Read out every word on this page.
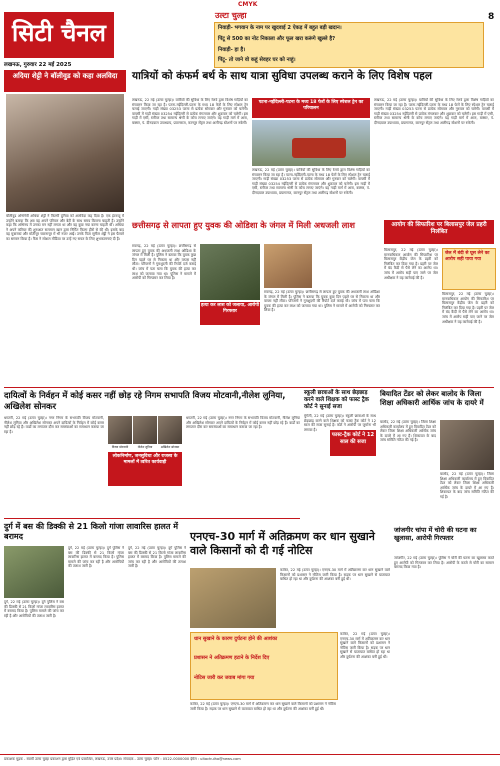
CMYK
8
सिटी चैनल
लखनऊ, गुरुवार 22 मई 2025
उल्टा चुल्हा
निवाड़ी- भगवान के नाम पर खुदवाई 2 ऐकड़ में बहुत बड़ी खदान।
पिंटू से 500 का नोट निकाला और फूल खरा करूंगे खुल्ले है?
निवाड़ी- हा है।
पिंटू- तो जाने वो कहूं सेवहर घर को नाहुं।
अदिया शेट्टी ने बॉलीवुड को कहा अलविदा
बॉलीवुड अभिनेत्री अथिया शेट्टी ने फिल्मी दुनिया को अलविदा कह दिया है। एक इंटरव्यू में उन्होंने बताया कि अब वह अपने परिवार और बेटी के साथ समय बिताना चाहती हैं। उन्होंने कहा कि अभिनय में उनका मन नहीं लगता था और वह कुछ नया करना चाहती थीं। अथिया ने अपने करियर की शुरुआत सलमान खान द्वारा निर्मित फिल्म हीरो से की थी। इसके बाद वह मुबारकां और मोतीचूर चकनाचूर में भी नजर आईं। उनके पिता सुनील शेट्टी ने इस फैसले का सम्मान किया है। फैंस ने सोशल मीडिया पर उन्हें नए सफर के लिए शुभकामनाएं दी हैं।
यात्रियों को कंफर्म बर्थ के साथ यात्रा सुविधा उपलब्ध कराने के लिए विशेष पहल
लखनऊ, 22 मई (उल्टा चुल्हा)। यात्रियों की सुविधा के लिए रेलवे द्वारा विशेष गाड़ियों का संचालन किया जा रहा है। पटना-नईदिल्ली-पटना के मध्य 18 फेरों के लिए स्पेशल ट्रेन चलाई जाएगी। गाड़ी संख्या 03253 पटना से प्रत्येक सोमवार और गुरुवार को चलेगी। वापसी में गाड़ी संख्या 03254 नईदिल्ली से प्रत्येक मंगलवार और शुक्रवार को चलेगी। इस गाड़ी में एसी, स्लीपर तथा सामान्य श्रेणी के कोच लगाए जाएंगे। यह गाड़ी मार्ग में आरा, बक्सर, पं. दीनदयाल उपाध्याय, प्रयागराज, कानपुर सेंट्रल तथा अलीगढ़ स्टेशनों पर रुकेगी।
पटना-नईदिल्ली-पटना के मध्य 18 फेरों के लिए स्पेशल ट्रेन का परिचालन
लखनऊ, 22 मई (उल्टा चुल्हा)। यात्रियों की सुविधा के लिए रेलवे द्वारा विशेष गाड़ियों का संचालन किया जा रहा है। पटना-नईदिल्ली-पटना के मध्य 18 फेरों के लिए स्पेशल ट्रेन चलाई जाएगी। गाड़ी संख्या 03253 पटना से प्रत्येक सोमवार और गुरुवार को चलेगी। वापसी में गाड़ी संख्या 03254 नईदिल्ली से प्रत्येक मंगलवार और शुक्रवार को चलेगी। इस गाड़ी में एसी, स्लीपर तथा सामान्य श्रेणी के कोच लगाए जाएंगे। यह गाड़ी मार्ग में आरा, बक्सर, पं. दीनदयाल उपाध्याय, प्रयागराज, कानपुर सेंट्रल तथा अलीगढ़ स्टेशनों पर रुकेगी।
लखनऊ, 22 मई (उल्टा चुल्हा)। यात्रियों की सुविधा के लिए रेलवे द्वारा विशेष गाड़ियों का संचालन किया जा रहा है। पटना-नईदिल्ली-पटना के मध्य 18 फेरों के लिए स्पेशल ट्रेन चलाई जाएगी। गाड़ी संख्या 03253 पटना से प्रत्येक सोमवार और गुरुवार को चलेगी। वापसी में गाड़ी संख्या 03254 नईदिल्ली से प्रत्येक मंगलवार और शुक्रवार को चलेगी। इस गाड़ी में एसी, स्लीपर तथा सामान्य श्रेणी के कोच लगाए जाएंगे। यह गाड़ी मार्ग में आरा, बक्सर, पं. दीनदयाल उपाध्याय, प्रयागराज, कानपुर सेंट्रल तथा अलीगढ़ स्टेशनों पर रुकेगी।
छत्तीसगढ़ से लापता हुए युवक की ओडिशा के जंगल में मिली अधजली लाश
रायगढ़, 22 मई (उल्टा चुल्हा)। छत्तीसगढ़ से लापता हुए युवक की अधजली लाश ओडिशा के जंगल में मिली है। पुलिस ने बताया कि युवक कुछ दिन पहले घर से निकला था और वापस नहीं लौटा। परिजनों ने गुमशुदगी की रिपोर्ट दर्ज कराई थी। जांच में पता चला कि युवक की हत्या कर लाश को जलाया गया था। पुलिस ने मामले में आरोपी को गिरफ्तार कर लिया है।
हत्या कर लाश को जलाया, आरोपी गिरफ्तार
रायगढ़, 22 मई (उल्टा चुल्हा)। छत्तीसगढ़ से लापता हुए युवक की अधजली लाश ओडिशा के जंगल में मिली है। पुलिस ने बताया कि युवक कुछ दिन पहले घर से निकला था और वापस नहीं लौटा। परिजनों ने गुमशुदगी की रिपोर्ट दर्ज कराई थी। जांच में पता चला कि युवक की हत्या कर लाश को जलाया गया था। पुलिस ने मामले में आरोपी को गिरफ्तार कर लिया है।
आयोग की सिफारिश पर बिलासपुर जेल प्रहरी निलंबित
बिलासपुर, 22 मई (उल्टा चुल्हा)। मानवाधिकार आयोग की सिफारिश पर बिलासपुर केंद्रीय जेल के प्रहरी को निलंबित कर दिया गया है। प्रहरी पर जेल में बंद कैदी से पैसे लेने का आरोप था। जांच में आरोप सही पाए जाने पर जेल अधीक्षक ने यह कार्रवाई की है।
जेल में बंदी से घूस लेने का आरोप सही पाया गया
बिलासपुर, 22 मई (उल्टा चुल्हा)। मानवाधिकार आयोग की सिफारिश पर बिलासपुर केंद्रीय जेल के प्रहरी को निलंबित कर दिया गया है। प्रहरी पर जेल में बंद कैदी से पैसे लेने का आरोप था। जांच में आरोप सही पाए जाने पर जेल अधीक्षक ने यह कार्रवाई की है।
दायित्वों के निर्वहन में कोई कसर नहीं छोड़ रहे निगम सभापति विजय मोटवानी,नीलेश लुनिया, अखिलेश सोनकर
धमतरी, 22 मई (उल्टा चुल्हा)। नगर निगम के सभापति विजय मोटवानी, नीलेश लुनिया और अखिलेश सोनकर अपने दायित्वों के निर्वहन में कोई कसर नहीं छोड़ रहे हैं। वार्डों का लगातार दौरा कर समस्याओं का समाधान कराया जा रहा है।
विजय मोटवानी	नीलेश लुनिया	अखिलेश सोनकर
लोकनिर्माण, जनसुविधा और राजस्व के मामलों में त्वरित कार्यवाही
धमतरी, 22 मई (उल्टा चुल्हा)। नगर निगम के सभापति विजय मोटवानी, नीलेश लुनिया और अखिलेश सोनकर अपने दायित्वों के निर्वहन में कोई कसर नहीं छोड़ रहे हैं। वार्डों का लगातार दौरा कर समस्याओं का समाधान कराया जा रहा है।
स्कूली छात्राओं के साथ छेड़छाड़ करने वाले शिक्षक को फास्ट ट्रैक कोर्ट ने सुनाई सजा
मुंगेली, 22 मई (उल्टा चुल्हा)। स्कूली छात्राओं के साथ छेड़छाड़ करने वाले शिक्षक को फास्ट ट्रैक कोर्ट ने 12 साल की सजा सुनाई है। कोर्ट ने आरोपी पर जुर्माना भी लगाया है।
फास्ट-ट्रैक कोर्ट ने 12 साल की सजा
बियादित टेंडर को लेकर बालोद के जिला शिक्षा अधिकारी आर्थिक जांच के दायरे में
बालोद, 22 मई (उल्टा चुल्हा)। जिला शिक्षा अधिकारी कार्यालय में हुए विवादित टेंडर को लेकर जिला शिक्षा अधिकारी आर्थिक जांच के दायरे में आ गए हैं। शिकायत के बाद जांच समिति गठित की गई है।
बालोद, 22 मई (उल्टा चुल्हा)। जिला शिक्षा अधिकारी कार्यालय में हुए विवादित टेंडर को लेकर जिला शिक्षा अधिकारी आर्थिक जांच के दायरे में आ गए हैं। शिकायत के बाद जांच समिति गठित की गई है।
दुर्ग में बस की डिक्की से 21 किलो गांजा लावारिस हालत में बरामद
दुर्ग, 22 मई (उल्टा चुल्हा)। दुर्ग पुलिस ने बस की डिक्की से 21 किलो गांजा लावारिस हालत में बरामद किया है। पुलिस मामले की जांच कर रही है और आरोपियों की तलाश जारी है।
दुर्ग, 22 मई (उल्टा चुल्हा)। दुर्ग पुलिस ने बस की डिक्की से 21 किलो गांजा लावारिस हालत में बरामद किया है। पुलिस मामले की जांच कर रही है और आरोपियों की तलाश जारी है।
दुर्ग, 22 मई (उल्टा चुल्हा)। दुर्ग पुलिस ने बस की डिक्की से 21 किलो गांजा लावारिस हालत में बरामद किया है। पुलिस मामले की जांच कर रही है और आरोपियों की तलाश जारी है।
एनएच-30 मार्ग में अतिक्रमण कर धान सुखाने वाले किसानों को दी गई नोटिस
कांकेर, 22 मई (उल्टा चुल्हा)। एनएच-30 मार्ग में अतिक्रमण कर धान सुखाने वाले किसानों को प्रशासन ने नोटिस जारी किया है। सड़क पर धान सुखाने से यातायात बाधित हो रहा था और दुर्घटना की आशंका बनी हुई थी।
धान सुखाने के कारण दुर्घटना होने की आशंका
प्रशासन ने अतिक्रमण हटाने के निर्देश दिए
नोटिस जारी कर जवाब मांगा गया
कांकेर, 22 मई (उल्टा चुल्हा)। एनएच-30 मार्ग में अतिक्रमण कर धान सुखाने वाले किसानों को प्रशासन ने नोटिस जारी किया है। सड़क पर धान सुखाने से यातायात बाधित हो रहा था और दुर्घटना की आशंका बनी हुई थी।
कांकेर, 22 मई (उल्टा चुल्हा)। एनएच-30 मार्ग में अतिक्रमण कर धान सुखाने वाले किसानों को प्रशासन ने नोटिस जारी किया है। सड़क पर धान सुखाने से यातायात बाधित हो रहा था और दुर्घटना की आशंका बनी हुई थी।
जांजगीर चांपा में चोरी की घटना का खुलासा, आरोपी गिरफ्तार
जांजगीर, 22 मई (उल्टा चुल्हा)। पुलिस ने चोरी की घटना का खुलासा करते हुए आरोपी को गिरफ्तार कर लिया है। आरोपी के कब्जे से चोरी का सामान बरामद किया गया है।
प्रकाशक मुद्रक - स्वामी उल्टा चुल्हा प्रकाशन द्वारा मुद्रित एवं प्रकाशित, लखनऊ, उत्तर प्रदेश। संपादक - उल्टा चुल्हा। फोन : 0522-0000000 ईमेल : ultachulha@news.com
